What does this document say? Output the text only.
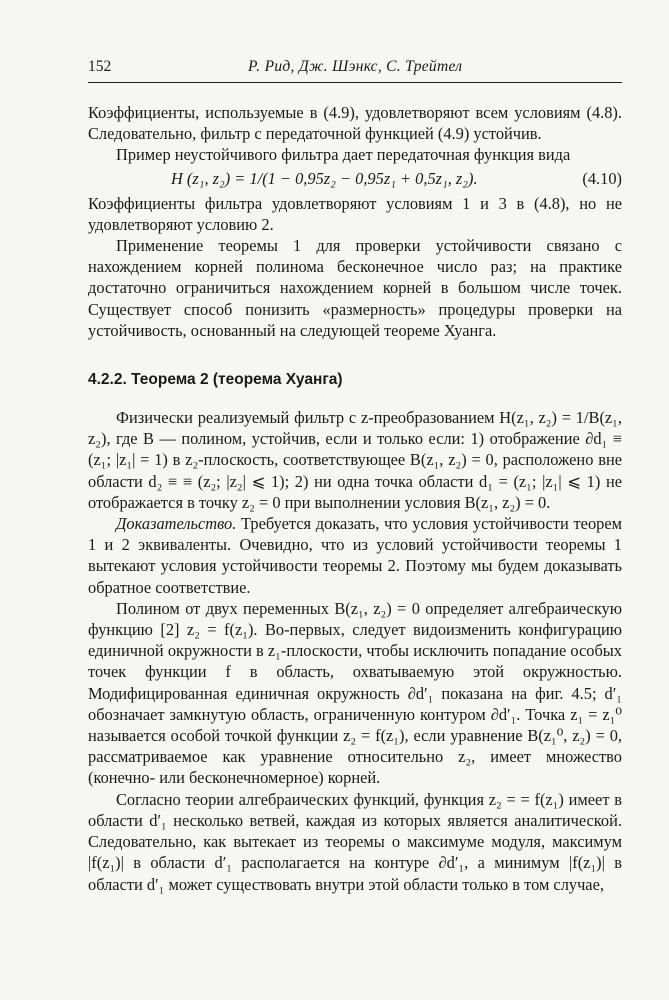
152	Р. Рид, Дж. Шэнкс, С. Трейтел

Коэффициенты, используемые в (4.9), удовлетворяют всем условиям (4.8). Следовательно, фильтр с передаточной функцией (4.9) устойчив.

Пример неустойчивого фильтра дает передаточная функция вида

H (z₁, z₂) = 1/(1 − 0,95z₂ − 0,95z₁ + 0,5z₁, z₂).	(4.10)

Коэффициенты фильтра удовлетворяют условиям 1 и 3 в (4.8), но не удовлетворяют условию 2.

Применение теоремы 1 для проверки устойчивости связано с нахождением корней полинома бесконечное число раз; на практике достаточно ограничиться нахождением корней в большом числе точек. Существует способ понизить «размерность» процедуры проверки на устойчивость, основанный на следующей теореме Хуанга.

4.2.2. Теорема 2 (теорема Хуанга)

Физически реализуемый фильтр с z-преобразованием H(z₁, z₂) = 1/B(z₁, z₂), где B — полином, устойчив, если и только если: 1) отображение ∂d₁ ≡ (z₁; |z₁| = 1) в z₂-плоскость, соответствующее B(z₁, z₂) = 0, расположено вне области d₂ ≡ ≡ (z₂; |z₂| ⩽ 1); 2) ни одна точка области d₁ = (z₁; |z₁| ⩽ 1) не отображается в точку z₂ = 0 при выполнении условия B(z₁, z₂) = 0.

Доказательство. Требуется доказать, что условия устойчивости теорем 1 и 2 эквиваленты. Очевидно, что из условий устойчивости теоремы 1 вытекают условия устойчивости теоремы 2. Поэтому мы будем доказывать обратное соответствие.

Полином от двух переменных B(z₁, z₂) = 0 определяет алгебраическую функцию [2] z₂ = f(z₁). Во-первых, следует видоизменить конфигурацию единичной окружности в z₁-плоскости, чтобы исключить попадание особых точек функции f в область, охватываемую этой окружностью. Модифицированная единичная окружность ∂d′₁ показана на фиг. 4.5; d′₁ обозначает замкнутую область, ограниченную контуром ∂d′₁. Точка z₁ = z₁⁰ называется особой точкой функции z₂ = f(z₁), если уравнение B(z₁⁰, z₂) = 0, рассматриваемое как уравнение относительно z₂, имеет множество (конечно- или бесконечномерное) корней.

Согласно теории алгебраических функций, функция z₂ = = f(z₁) имеет в области d′₁ несколько ветвей, каждая из которых является аналитической. Следовательно, как вытекает из теоремы о максимуме модуля, максимум |f(z₁)| в области d′₁ располагается на контуре ∂d′₁, а минимум |f(z₁)| в области d′₁ может существовать внутри этой области только в том случае,
